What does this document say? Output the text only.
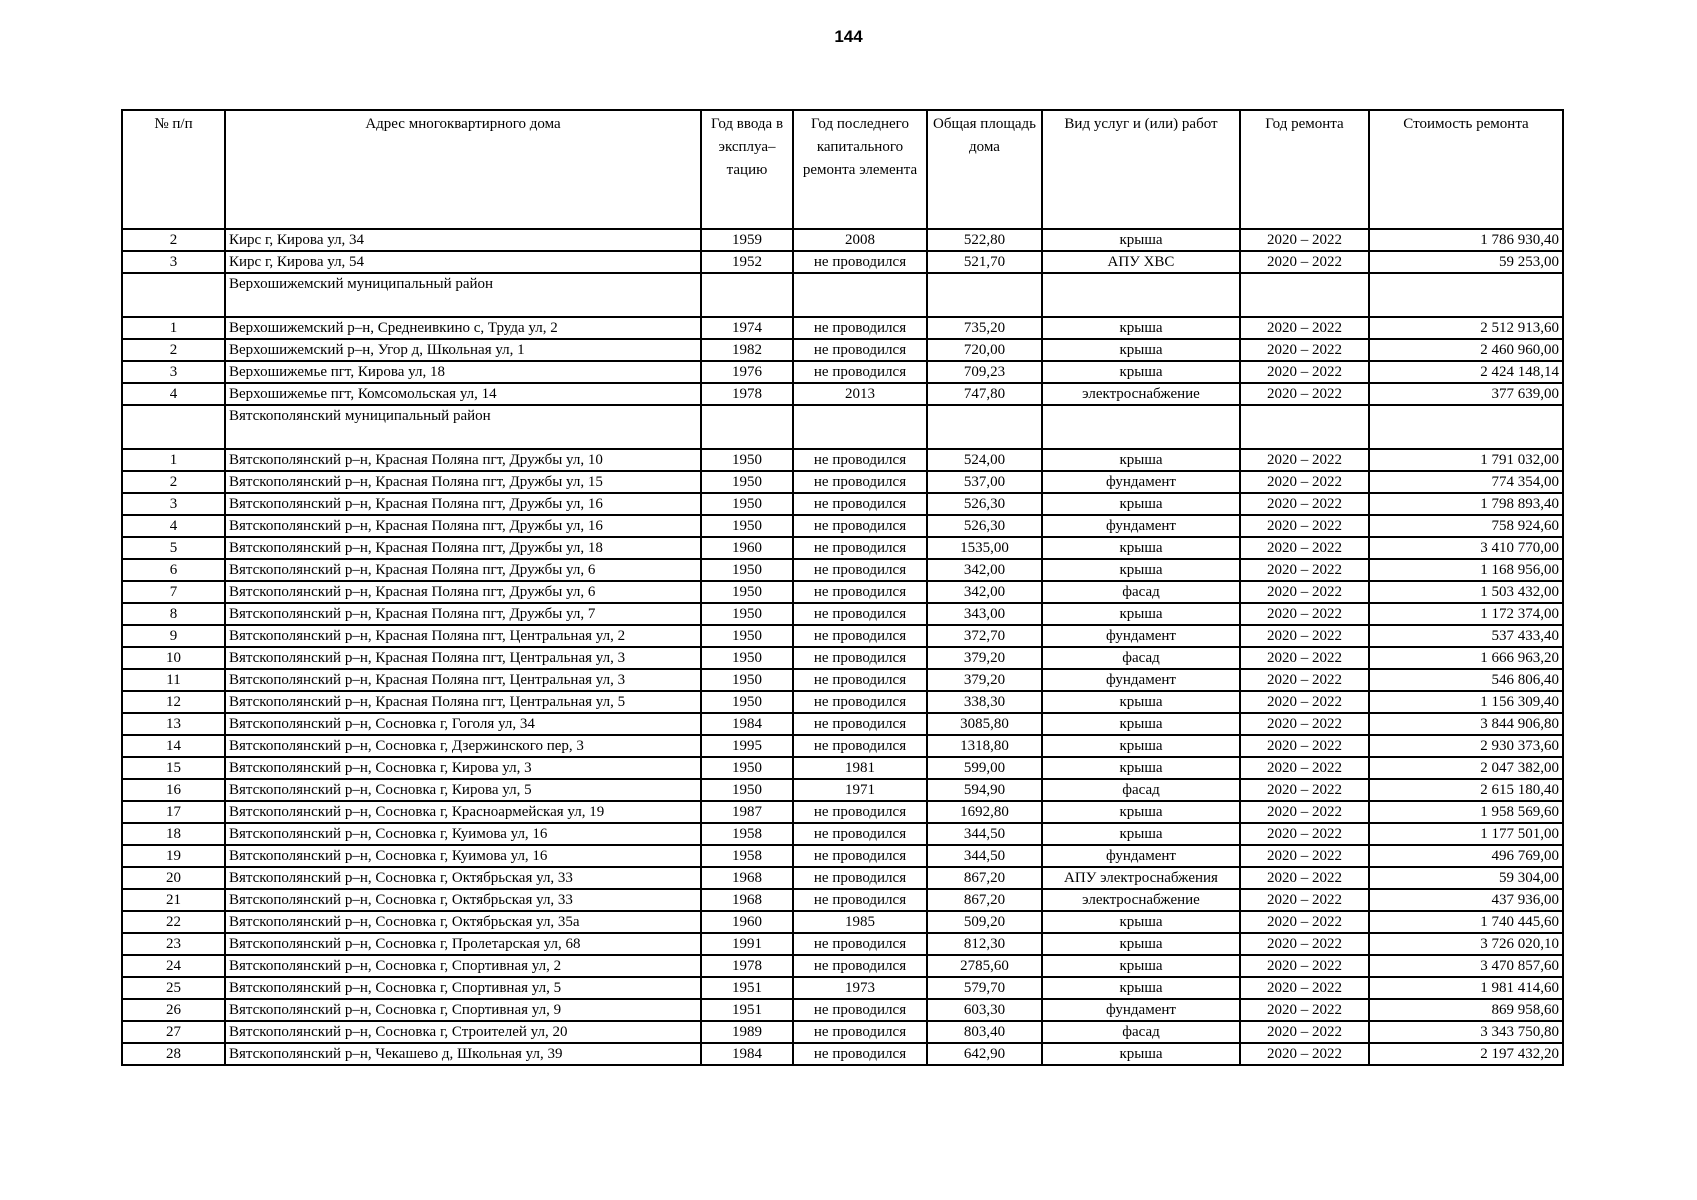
144
№ п/п	Адрес многоквартирного дома	Год ввода в эксплуа–тацию	Год последнего капитального ремонта элемента	Общая площадь дома	Вид услуг и (или) работ	Год ремонта	Стоимость ремонта
2	Кирс г, Кирова ул, 34	1959	2008	522,80	крыша	2020 – 2022	1 786 930,40
3	Кирс г, Кирова ул, 54	1952	не проводился	521,70	АПУ ХВС	2020 – 2022	59 253,00
	Верхошижемский муниципальный район						
1	Верхошижемский р–н, Среднеивкино с, Труда ул, 2	1974	не проводился	735,20	крыша	2020 – 2022	2 512 913,60
2	Верхошижемский р–н, Угор д, Школьная ул, 1	1982	не проводился	720,00	крыша	2020 – 2022	2 460 960,00
3	Верхошижемье пгт, Кирова ул, 18	1976	не проводился	709,23	крыша	2020 – 2022	2 424 148,14
4	Верхошижемье пгт, Комсомольская ул, 14	1978	2013	747,80	электроснабжение	2020 – 2022	377 639,00
	Вятскополянский муниципальный район						
1	Вятскополянский р–н, Красная Поляна пгт, Дружбы ул, 10	1950	не проводился	524,00	крыша	2020 – 2022	1 791 032,00
2	Вятскополянский р–н, Красная Поляна пгт, Дружбы ул, 15	1950	не проводился	537,00	фундамент	2020 – 2022	774 354,00
3	Вятскополянский р–н, Красная Поляна пгт, Дружбы ул, 16	1950	не проводился	526,30	крыша	2020 – 2022	1 798 893,40
4	Вятскополянский р–н, Красная Поляна пгт, Дружбы ул, 16	1950	не проводился	526,30	фундамент	2020 – 2022	758 924,60
5	Вятскополянский р–н, Красная Поляна пгт, Дружбы ул, 18	1960	не проводился	1535,00	крыша	2020 – 2022	3 410 770,00
6	Вятскополянский р–н, Красная Поляна пгт, Дружбы ул, 6	1950	не проводился	342,00	крыша	2020 – 2022	1 168 956,00
7	Вятскополянский р–н, Красная Поляна пгт, Дружбы ул, 6	1950	не проводился	342,00	фасад	2020 – 2022	1 503 432,00
8	Вятскополянский р–н, Красная Поляна пгт, Дружбы ул, 7	1950	не проводился	343,00	крыша	2020 – 2022	1 172 374,00
9	Вятскополянский р–н, Красная Поляна пгт, Центральная ул, 2	1950	не проводился	372,70	фундамент	2020 – 2022	537 433,40
10	Вятскополянский р–н, Красная Поляна пгт, Центральная ул, 3	1950	не проводился	379,20	фасад	2020 – 2022	1 666 963,20
11	Вятскополянский р–н, Красная Поляна пгт, Центральная ул, 3	1950	не проводился	379,20	фундамент	2020 – 2022	546 806,40
12	Вятскополянский р–н, Красная Поляна пгт, Центральная ул, 5	1950	не проводился	338,30	крыша	2020 – 2022	1 156 309,40
13	Вятскополянский р–н, Сосновка г, Гоголя ул, 34	1984	не проводился	3085,80	крыша	2020 – 2022	3 844 906,80
14	Вятскополянский р–н, Сосновка г, Дзержинского пер, 3	1995	не проводился	1318,80	крыша	2020 – 2022	2 930 373,60
15	Вятскополянский р–н, Сосновка г, Кирова ул, 3	1950	1981	599,00	крыша	2020 – 2022	2 047 382,00
16	Вятскополянский р–н, Сосновка г, Кирова ул, 5	1950	1971	594,90	фасад	2020 – 2022	2 615 180,40
17	Вятскополянский р–н, Сосновка г, Красноармейская ул, 19	1987	не проводился	1692,80	крыша	2020 – 2022	1 958 569,60
18	Вятскополянский р–н, Сосновка г, Куимова ул, 16	1958	не проводился	344,50	крыша	2020 – 2022	1 177 501,00
19	Вятскополянский р–н, Сосновка г, Куимова ул, 16	1958	не проводился	344,50	фундамент	2020 – 2022	496 769,00
20	Вятскополянский р–н, Сосновка г, Октябрьская ул, 33	1968	не проводился	867,20	АПУ электроснабжения	2020 – 2022	59 304,00
21	Вятскополянский р–н, Сосновка г, Октябрьская ул, 33	1968	не проводился	867,20	электроснабжение	2020 – 2022	437 936,00
22	Вятскополянский р–н, Сосновка г, Октябрьская ул, 35а	1960	1985	509,20	крыша	2020 – 2022	1 740 445,60
23	Вятскополянский р–н, Сосновка г, Пролетарская ул, 68	1991	не проводился	812,30	крыша	2020 – 2022	3 726 020,10
24	Вятскополянский р–н, Сосновка г, Спортивная ул, 2	1978	не проводился	2785,60	крыша	2020 – 2022	3 470 857,60
25	Вятскополянский р–н, Сосновка г, Спортивная ул, 5	1951	1973	579,70	крыша	2020 – 2022	1 981 414,60
26	Вятскополянский р–н, Сосновка г, Спортивная ул, 9	1951	не проводился	603,30	фундамент	2020 – 2022	869 958,60
27	Вятскополянский р–н, Сосновка г, Строителей ул, 20	1989	не проводился	803,40	фасад	2020 – 2022	3 343 750,80
28	Вятскополянский р–н, Чекашево д, Школьная ул, 39	1984	не проводился	642,90	крыша	2020 – 2022	2 197 432,20
